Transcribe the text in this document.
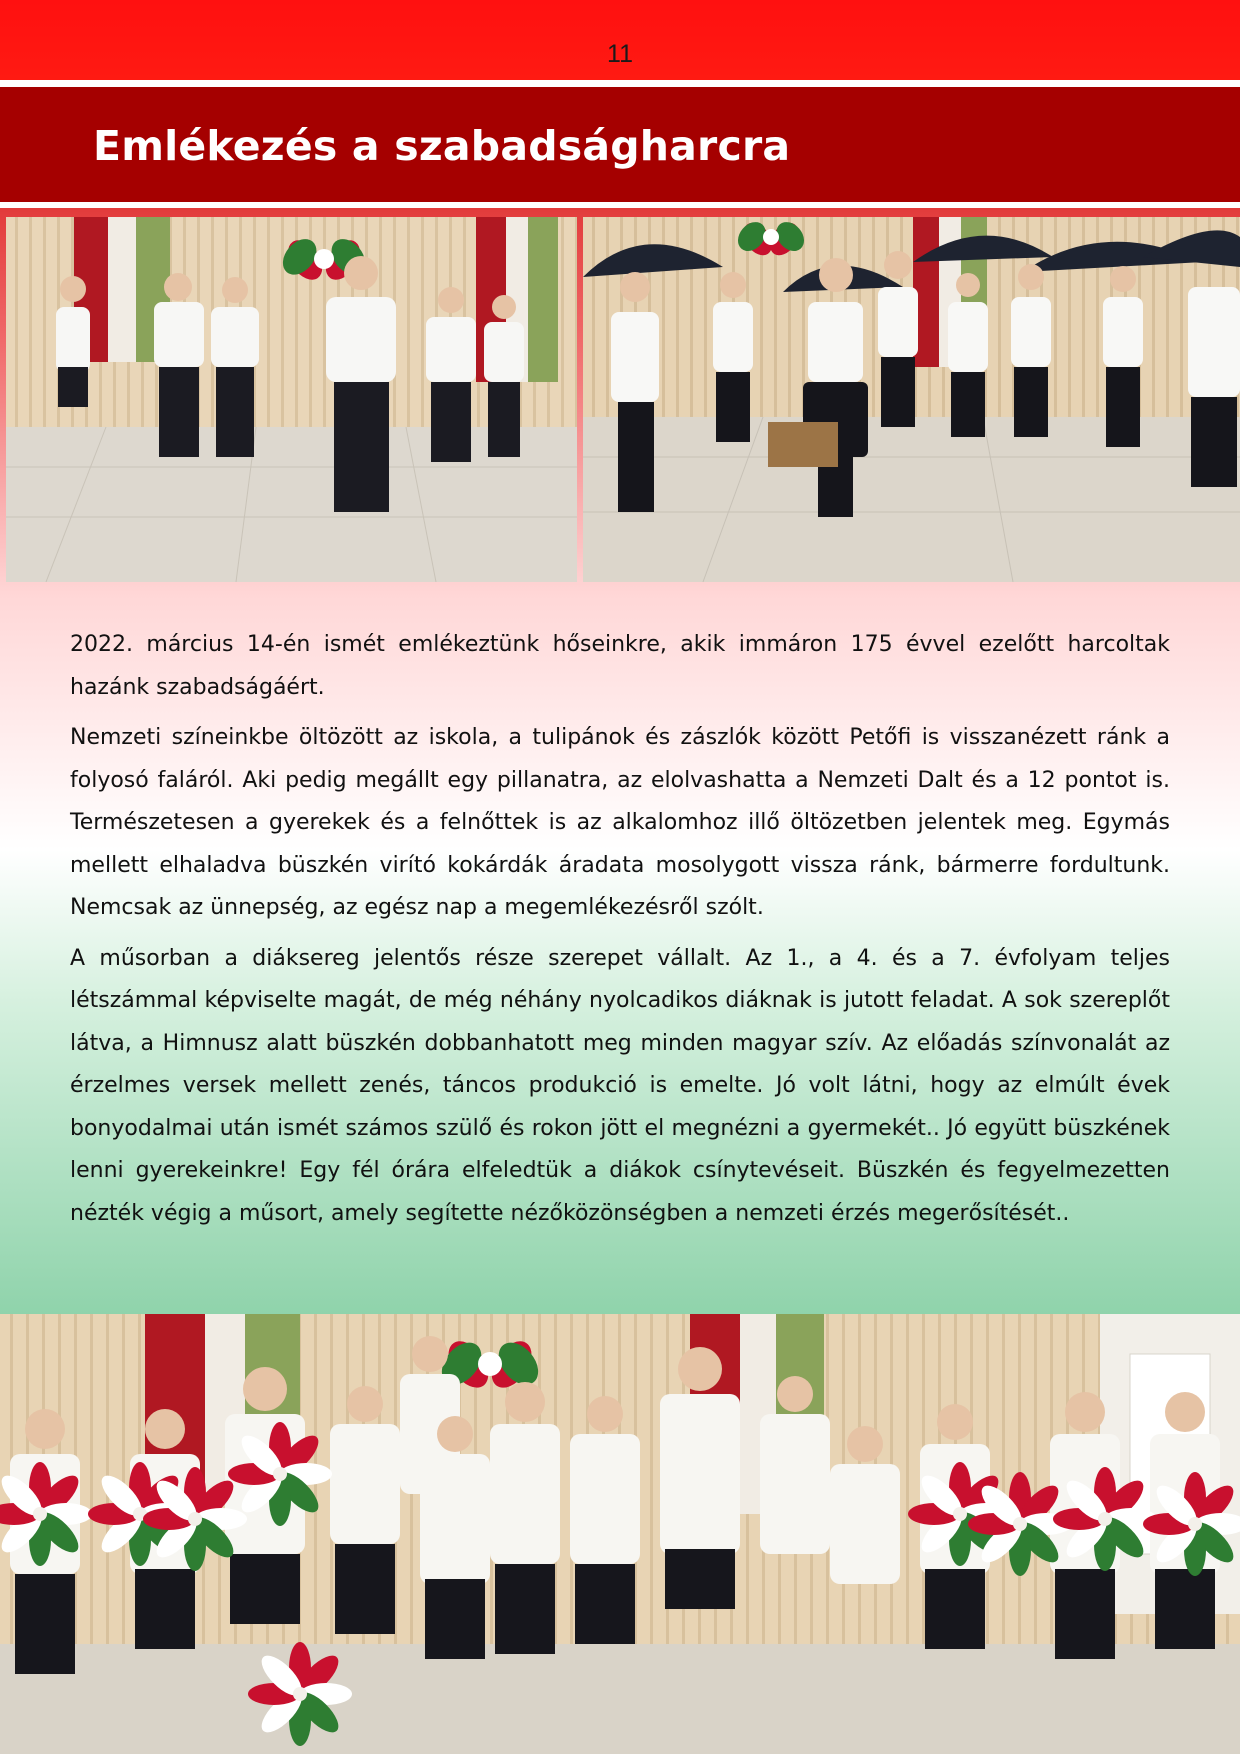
11
Emlékezés a szabadságharcra

2022. március 14-én ismét emlékeztünk hőseinkre, akik immáron 175 évvel ezelőtt harcoltak hazánk szabadságáért.

Nemzeti színeinkbe öltözött az iskola, a tulipánok és zászlók között Petőfi is visszanézett ránk a folyosó faláról. Aki pedig megállt egy pillanatra, az elolvashatta a Nemzeti Dalt és a 12 pontot is. Természetesen a gyerekek és a felnőttek is az alkalomhoz illő öltözetben jelentek meg. Egymás mellett elhaladva büszkén virító kokárdák áradata mosolygott vissza ránk, bármerre fordultunk. Nemcsak az ünnepség, az egész nap a megemlékezésről szólt.

A műsorban a diáksereg jelentős része szerepet vállalt. Az 1., a 4. és a 7. évfolyam teljes létszámmal képviselte magát, de még néhány nyolcadikos diáknak is jutott feladat. A sok szereplőt látva, a Himnusz alatt büszkén dobbanhatott meg minden magyar szív. Az előadás színvonalát az érzelmes versek mellett zenés, táncos produkció is emelte. Jó volt látni, hogy az elmúlt évek bonyodalmai után ismét számos szülő és rokon jött el megnézni a gyermekét.. Jó együtt büszkének lenni gyerekeinkre! Egy fél órára elfeledtük a diákok csínytevéseit. Büszkén és fegyelmezetten nézték végig a műsort, amely segítette nézőközönségben a nemzeti érzés megerősítését..
